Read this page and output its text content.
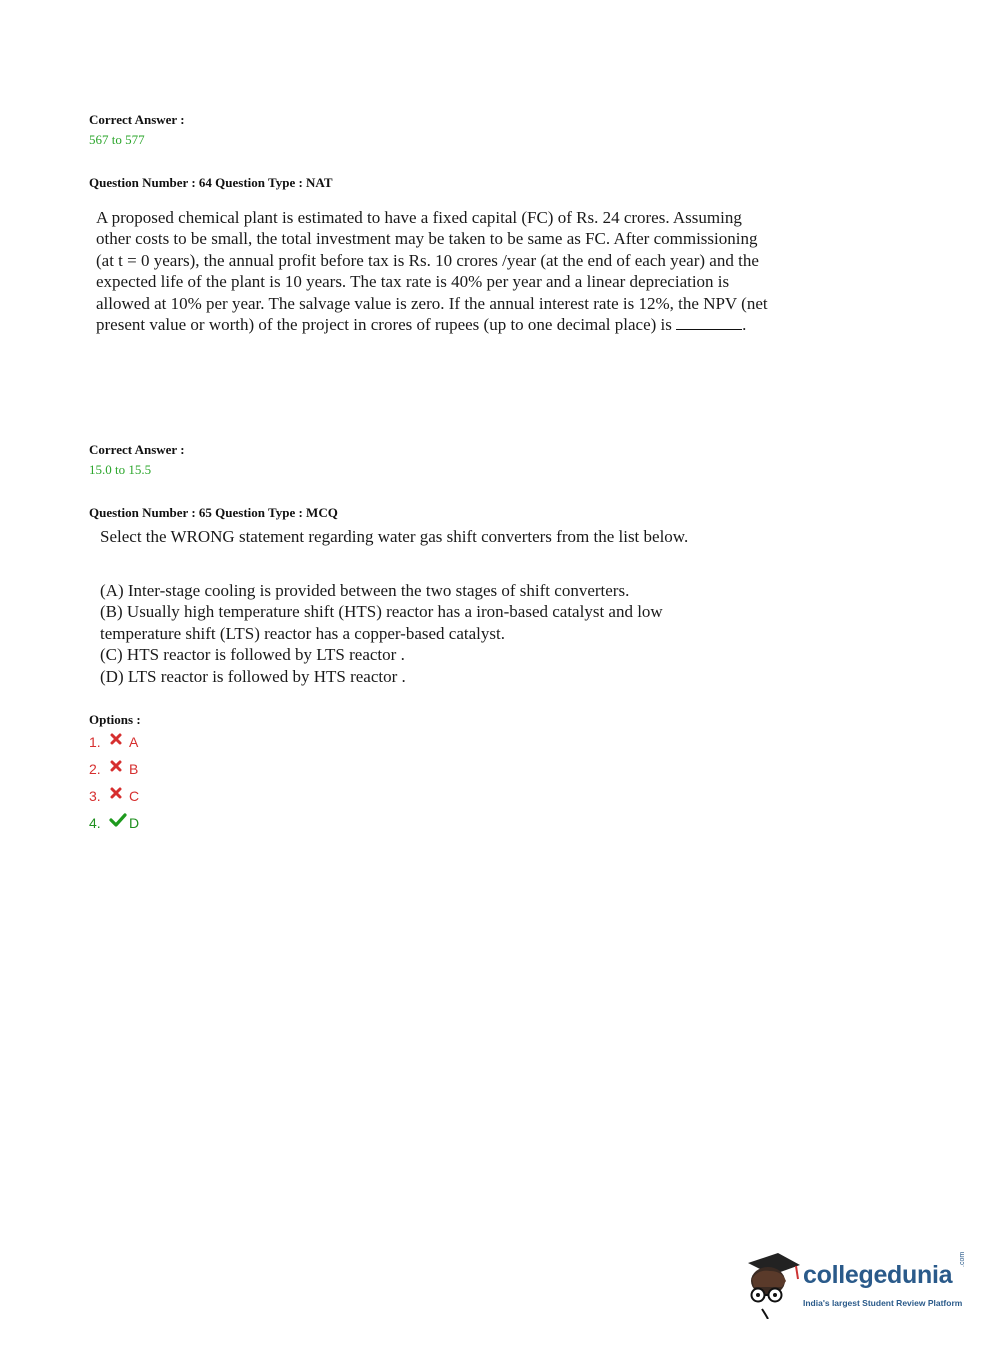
Correct Answer :
567 to 577
Question Number : 64 Question Type : NAT
A proposed chemical plant is estimated to have a fixed capital (FC) of Rs. 24 crores. Assuming
other costs to be small, the total investment may be taken to be same as FC. After commissioning
(at t = 0 years), the annual profit before tax is Rs. 10 crores /year (at the end of each year) and the
expected life of the plant is 10 years. The tax rate is 40% per year and a linear depreciation is
allowed at 10% per year. The salvage value is zero. If the annual interest rate is 12%, the NPV (net
present value or worth) of the project in crores of rupees (up to one decimal place) is	.
Correct Answer :
15.0 to 15.5
Question Number : 65 Question Type : MCQ
Select the WRONG statement regarding water gas shift converters from the list below.
(A) Inter-stage cooling is provided between the two stages of shift converters.
(B) Usually high temperature shift (HTS) reactor has a iron-based catalyst and low
temperature shift (LTS) reactor has a copper-based catalyst.
(C) HTS reactor is followed by LTS reactor .
(D) LTS reactor is followed by HTS reactor .
Options :
1.	A
2.	B
3.	C
4.	D
collegedunia
.com
India's largest Student Review Platform
